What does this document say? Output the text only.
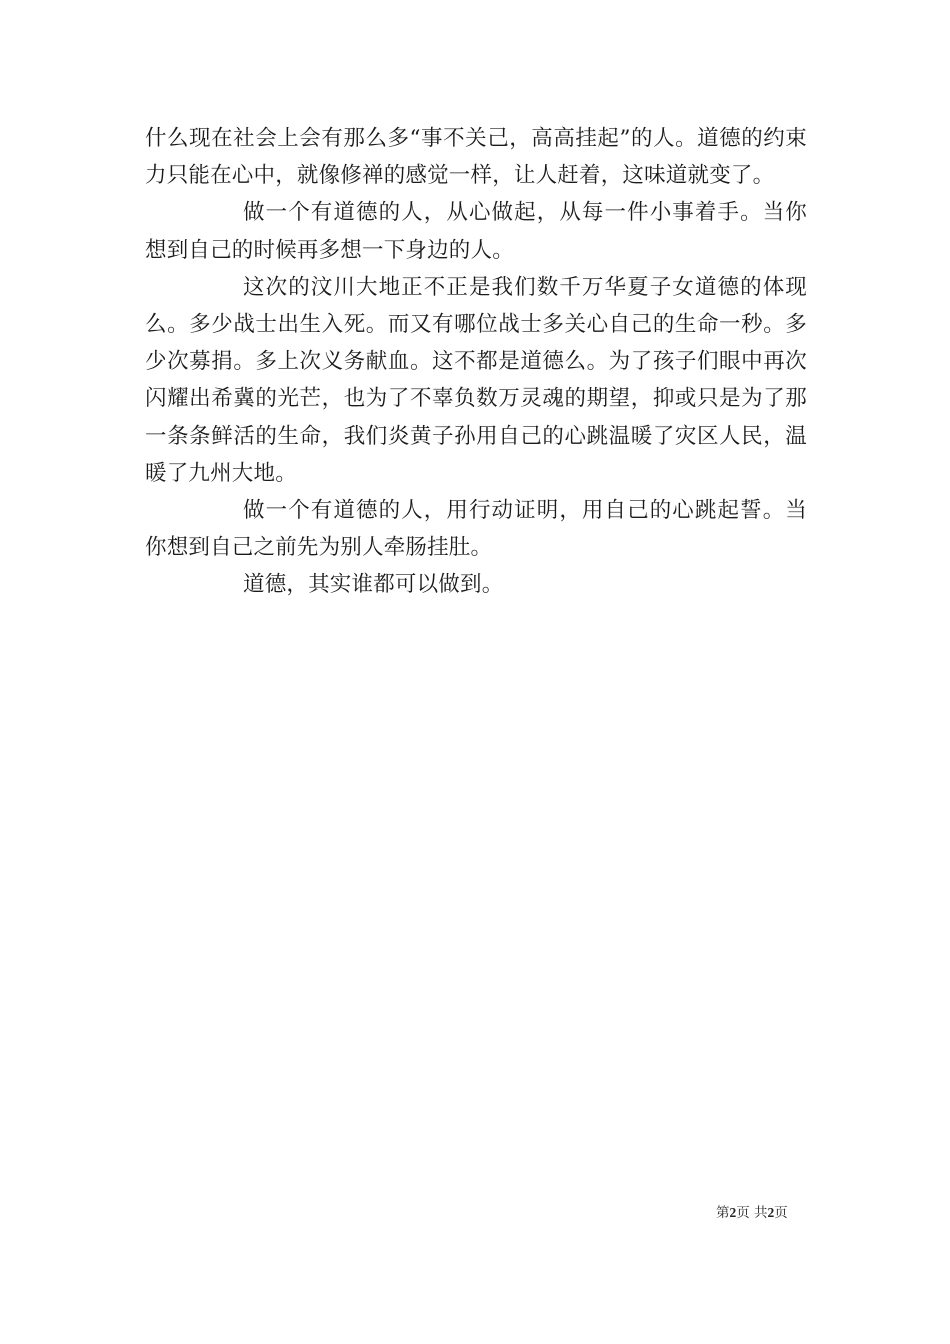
什么现在社会上会有那么多“事不关己，高高挂起”的人。道德的约束力只能在心中，就像修禅的感觉一样，让人赶着，这味道就变了。

做一个有道德的人，从心做起，从每一件小事着手。当你想到自己的时候再多想一下身边的人。

这次的汶川大地正不正是我们数千万华夏子女道德的体现么。多少战士出生入死。而又有哪位战士多关心自己的生命一秒。多少次募捐。多上次义务献血。这不都是道德么。为了孩子们眼中再次闪耀出希冀的光芒，也为了不辜负数万灵魂的期望，抑或只是为了那一条条鲜活的生命，我们炎黄子孙用自己的心跳温暖了灾区人民，温暖了九州大地。

做一个有道德的人，用行动证明，用自己的心跳起誓。当你想到自己之前先为别人牵肠挂肚。

道德，其实谁都可以做到。

第2页 共2页
